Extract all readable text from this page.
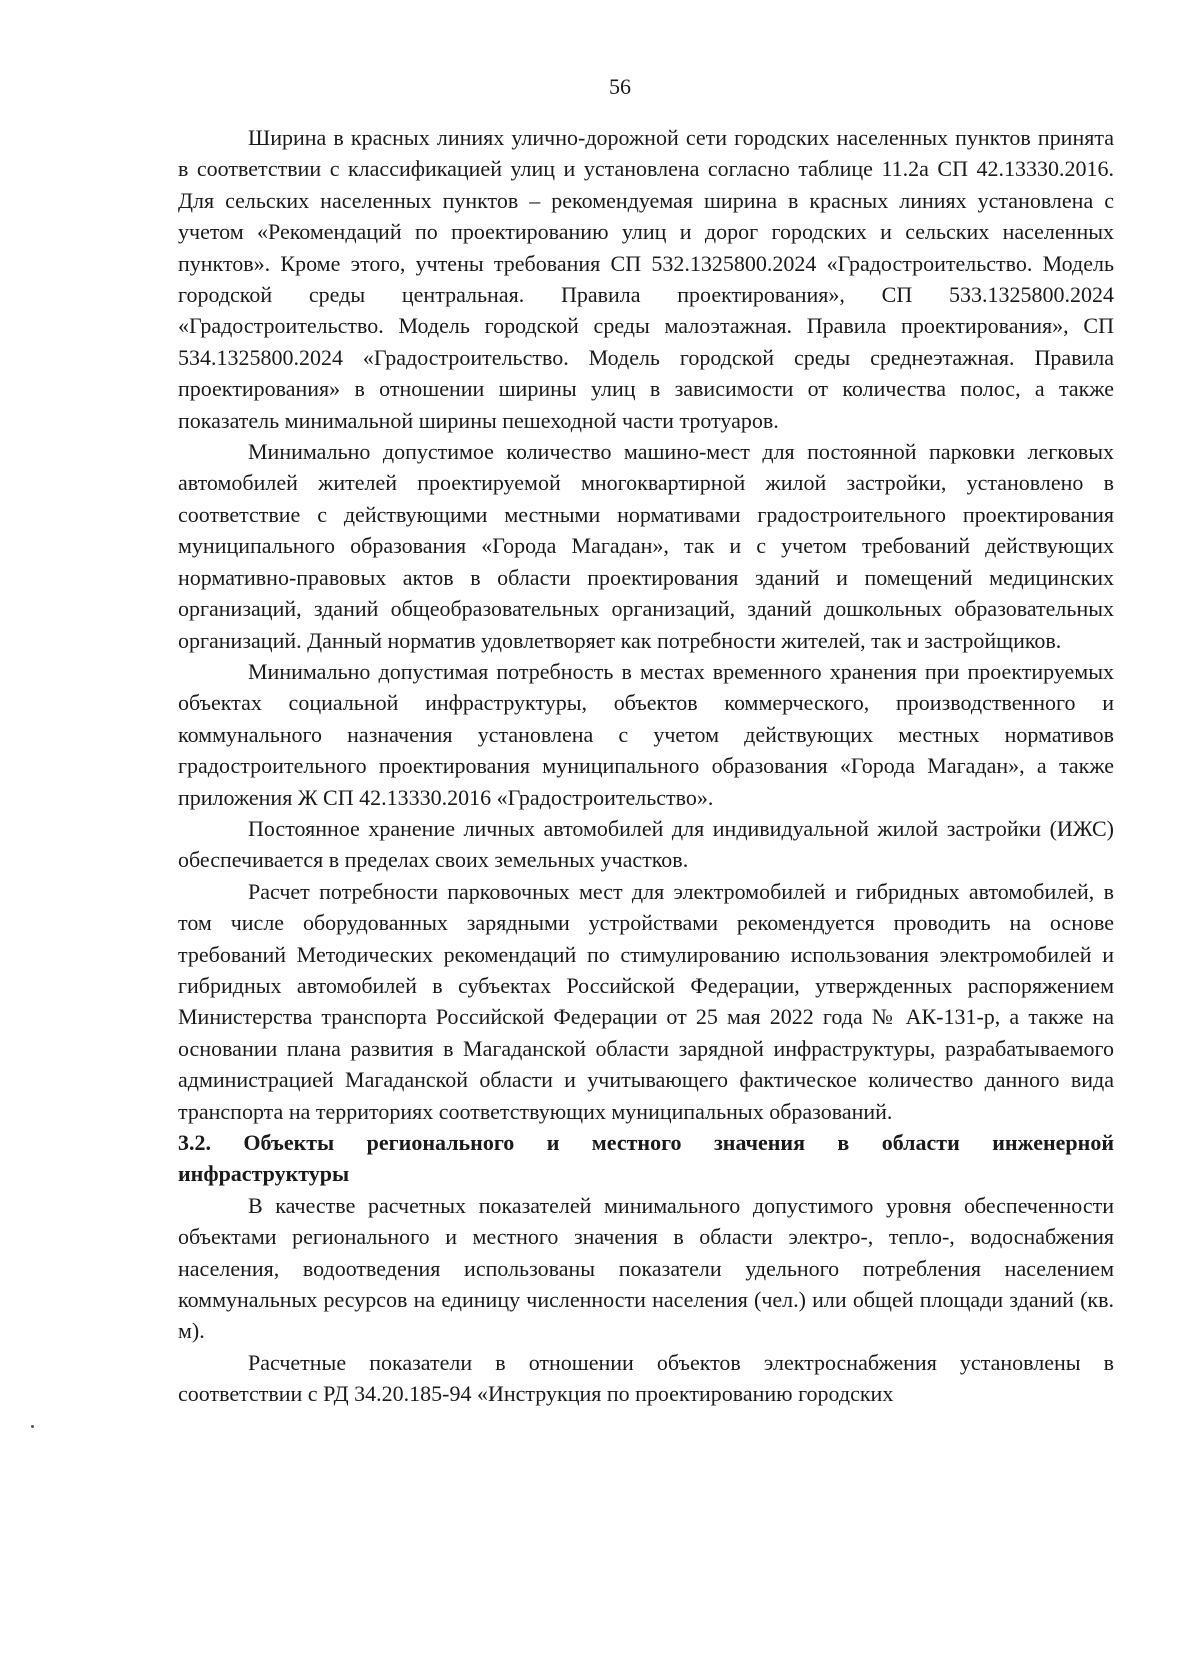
56

Ширина в красных линиях улично-дорожной сети городских населенных пунктов принята в соответствии с классификацией улиц и установлена согласно таблице 11.2а СП 42.13330.2016. Для сельских населенных пунктов – рекомендуемая ширина в красных линиях установлена с учетом «Рекомендаций по проектированию улиц и дорог городских и сельских населенных пунктов». Кроме этого, учтены требования СП 532.1325800.2024 «Градостроительство. Модель городской среды центральная. Правила проектирования», СП 533.1325800.2024 «Градостроительство. Модель городской среды малоэтажная. Правила проектирования», СП 534.1325800.2024 «Градостроительство. Модель городской среды среднеэтажная. Правила проектирования» в отношении ширины улиц в зависимости от количества полос, а также показатель минимальной ширины пешеходной части тротуаров.

Минимально допустимое количество машино-мест для постоянной парковки легковых автомобилей жителей проектируемой многоквартирной жилой застройки, установлено в соответствие с действующими местными нормативами градостроительного проектирования муниципального образования «Города Магадан», так и с учетом требований действующих нормативно-правовых актов в области проектирования зданий и помещений медицинских организаций, зданий общеобразовательных организаций, зданий дошкольных образовательных организаций. Данный норматив удовлетворяет как потребности жителей, так и застройщиков.

Минимально допустимая потребность в местах временного хранения при проектируемых объектах социальной инфраструктуры, объектов коммерческого, производственного и коммунального назначения установлена с учетом действующих местных нормативов градостроительного проектирования муниципального образования «Города Магадан», а также приложения Ж СП 42.13330.2016 «Градостроительство».

Постоянное хранение личных автомобилей для индивидуальной жилой застройки (ИЖС) обеспечивается в пределах своих земельных участков.

Расчет потребности парковочных мест для электромобилей и гибридных автомобилей, в том числе оборудованных зарядными устройствами рекомендуется проводить на основе требований Методических рекомендаций по стимулированию использования электромобилей и гибридных автомобилей в субъектах Российской Федерации, утвержденных распоряжением Министерства транспорта Российской Федерации от 25 мая 2022 года № АК-131-р, а также на основании плана развития в Магаданской области зарядной инфраструктуры, разрабатываемого администрацией Магаданской области и учитывающего фактическое количество данного вида транспорта на территориях соответствующих муниципальных образований.

3.2. Объекты регионального и местного значения в области инженерной инфраструктуры

В качестве расчетных показателей минимального допустимого уровня обеспеченности объектами регионального и местного значения в области электро-, тепло-, водоснабжения населения, водоотведения использованы показатели удельного потребления населением коммунальных ресурсов на единицу численности населения (чел.) или общей площади зданий (кв. м).

Расчетные показатели в отношении объектов электроснабжения установлены в соответствии с РД 34.20.185-94 «Инструкция по проектированию городских
